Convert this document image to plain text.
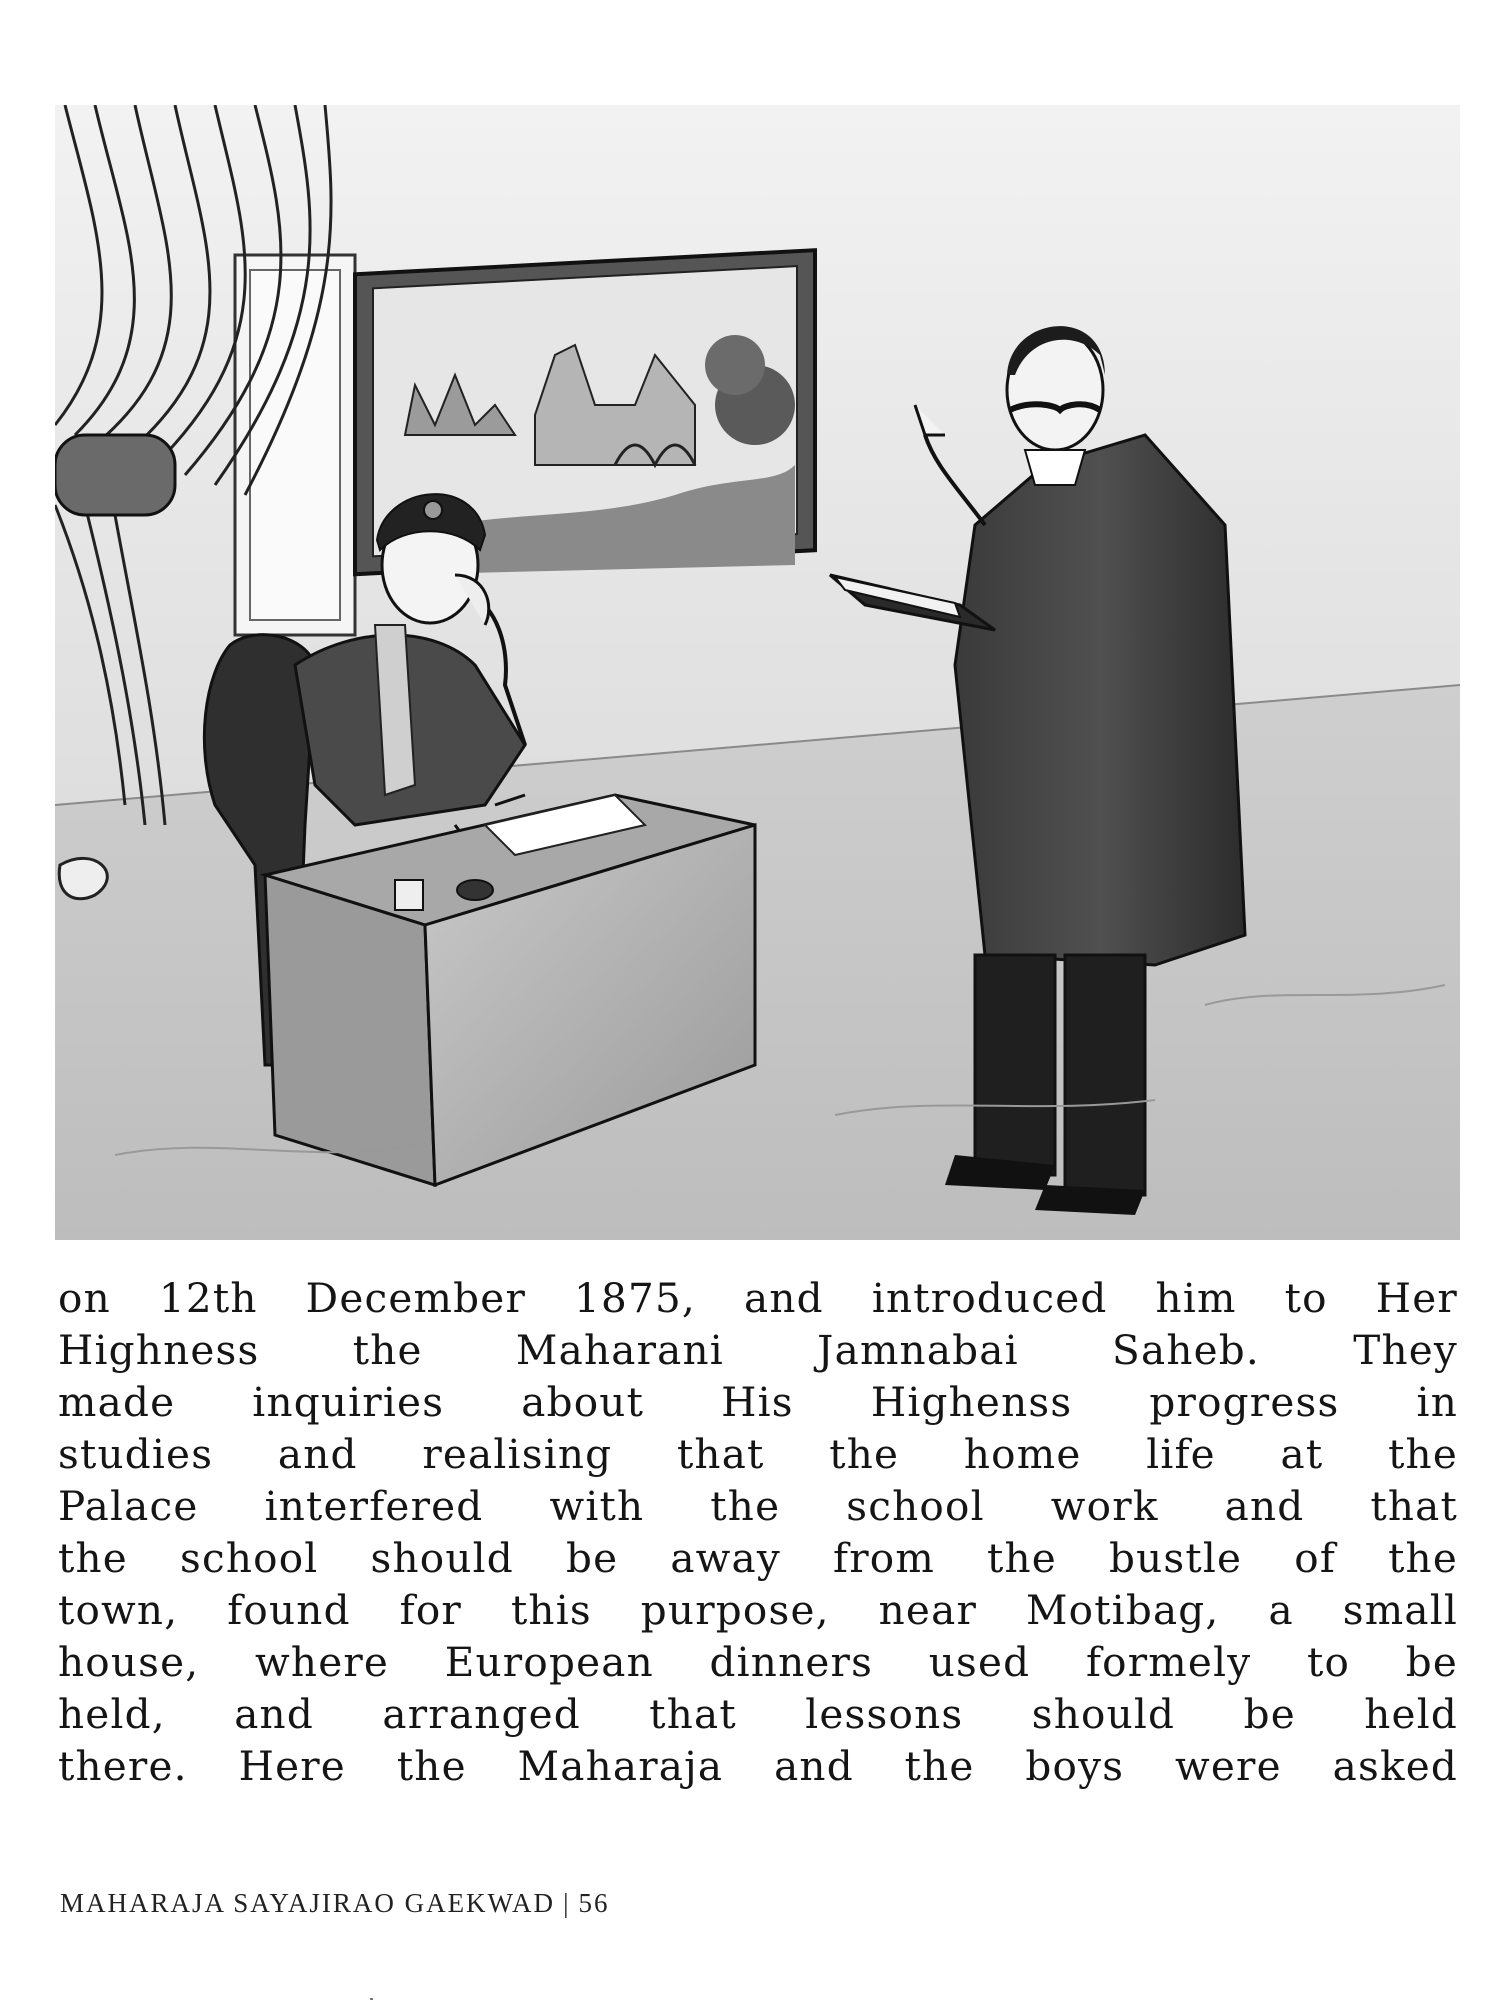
on 12th December 1875, and introduced him to Her
Highness the Maharani Jamnabai Saheb. They
made inquiries about His Highenss progress in
studies and realising that the home life at the
Palace interfered with the school work and that
the school should be away from the bustle of the
town, found for this purpose, near Motibag, a small
house, where European dinners used formely to be
held, and arranged that lessons should be held
there. Here the Maharaja and the boys were asked
MAHARAJA SAYAJIRAO GAEKWAD | 56
